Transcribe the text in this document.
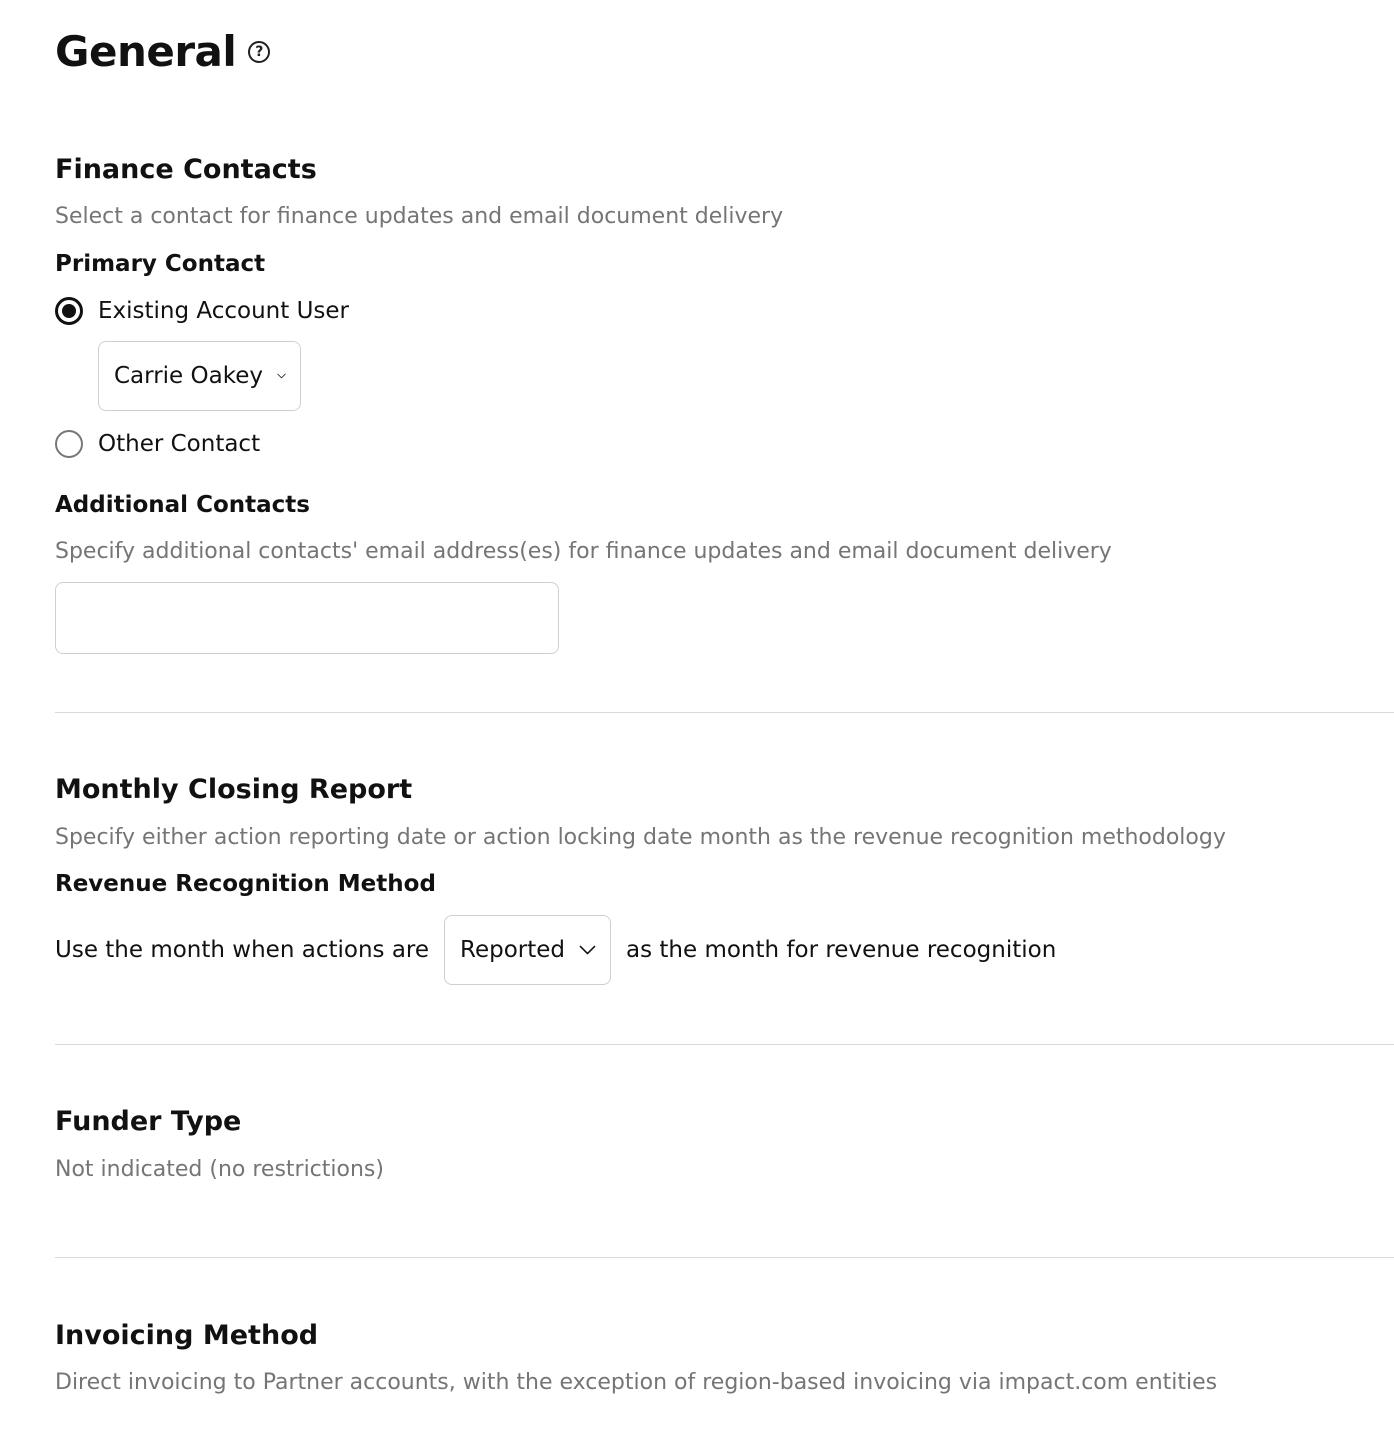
General	?
Finance Contacts
Select a contact for finance updates and email document delivery
Primary Contact
Existing Account User
Carrie Oakey
Other Contact
Additional Contacts
Specify additional contacts' email address(es) for finance updates and email document delivery
Monthly Closing Report
Specify either action reporting date or action locking date month as the revenue recognition methodology
Revenue Recognition Method
Use the month when actions are Reported	as the month for revenue recognition
Funder Type
Not indicated (no restrictions)
Invoicing Method
Direct invoicing to Partner accounts, with the exception of region-based invoicing via impact.com entities
